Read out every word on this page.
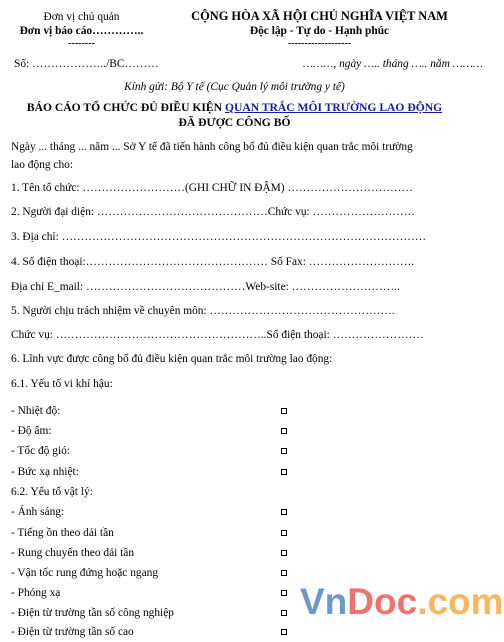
Đơn vị chủ quản
Đơn vị báo cáo…………..
--------
CỘNG HÒA XÃ HỘI CHỦ NGHĨA VIỆT NAM
Độc lập - Tự do - Hạnh phúc
-------------------
Số: ………………../BC………	………, ngày ….. tháng ….. năm ………
Kính gửi: Bộ Y tế (Cục Quản lý môi trường y tế)
BÁO CÁO TỔ CHỨC ĐỦ ĐIỀU KIỆN QUAN TRẮC MÔI TRƯỜNG LAO ĐỘNG
ĐÃ ĐƯỢC CÔNG BỐ
Ngày ... tháng ... năm ... Sở Y tế đã tiến hành công bố đủ điều kiện quan trắc môi trường
lao động cho:
1. Tên tổ chức: ………………………(GHI CHỮ IN ĐẬM) ……………………………
2. Người đại diện: ………………………………………Chức vụ: ………………………
3. Địa chỉ: ……………………………………………………………………………………
4. Số điện thoại:………………………………………… Số Fax: ……………………….
Địa chỉ E_mail: ……………………………………Web-site: ………………………..
5. Người chịu trách nhiệm về chuyên môn: ………………………………………….
Chức vụ: ………………………………………………..Số điện thoại: ……………………
6. Lĩnh vực được công bố đủ điều kiện quan trắc môi trường lao động:
6.1. Yếu tố vi khí hậu:
- Nhiệt độ:
- Độ ẩm:
- Tốc độ gió:
- Bức xạ nhiệt:
6.2. Yếu tố vật lý:
- Ánh sáng:
- Tiếng ồn theo dải tần
- Rung chuyển theo dải tần
- Vận tốc rung đứng hoặc ngang
- Phóng xạ
- Điện từ trường tần số công nghiệp
- Điện từ trường tần số cao
VnDoc.com
